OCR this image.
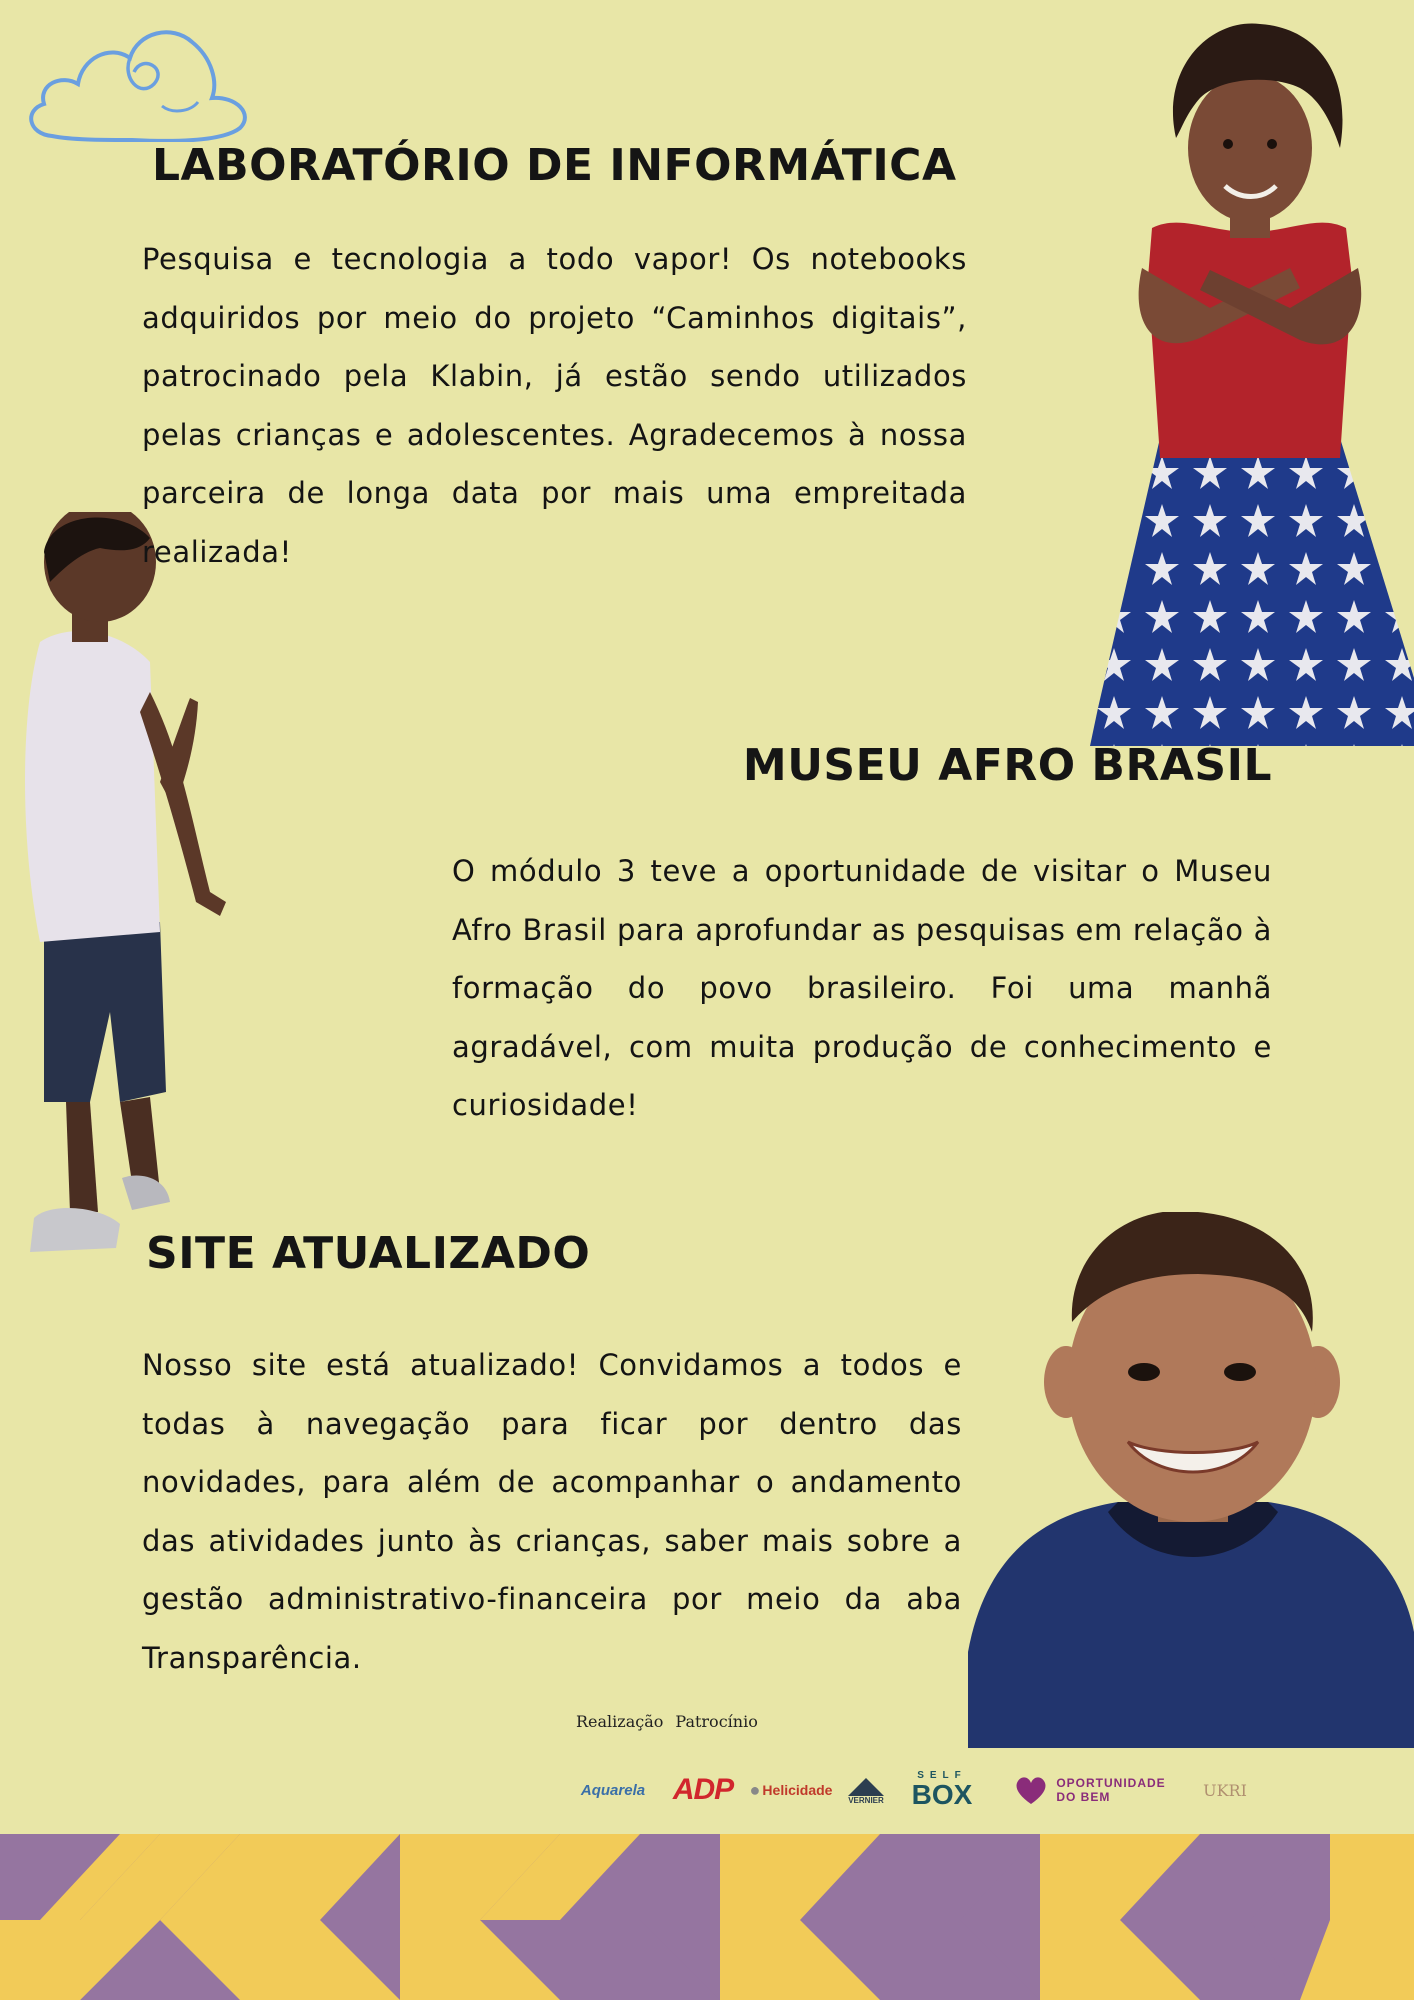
LABORATÓRIO DE INFORMÁTICA

Pesquisa e tecnologia a todo vapor! Os notebooks adquiridos por meio do projeto “Caminhos digitais”, patrocinado pela Klabin, já estão sendo utilizados pelas crianças e adolescentes. Agradecemos à nossa parceira de longa data por mais uma empreitada realizada!

MUSEU AFRO BRASIL

O módulo 3 teve a oportunidade de visitar o Museu Afro Brasil para aprofundar as pesquisas em relação à formação do povo brasileiro. Foi uma manhã agradável, com muita produção de conhecimento e curiosidade!

SITE ATUALIZADO

Nosso site está atualizado! Convidamos a todos e todas à navegação para ficar por dentro das novidades, para além de acompanhar o andamento das atividades junto às crianças, saber mais sobre a gestão administrativo-financeira por meio da aba Transparência.

Realização Patrocínio
Aquarela ADP ● Helicidade
VERNIER
SELF
BOX	OPORTUNIDADE
DO BEM	UKRI
